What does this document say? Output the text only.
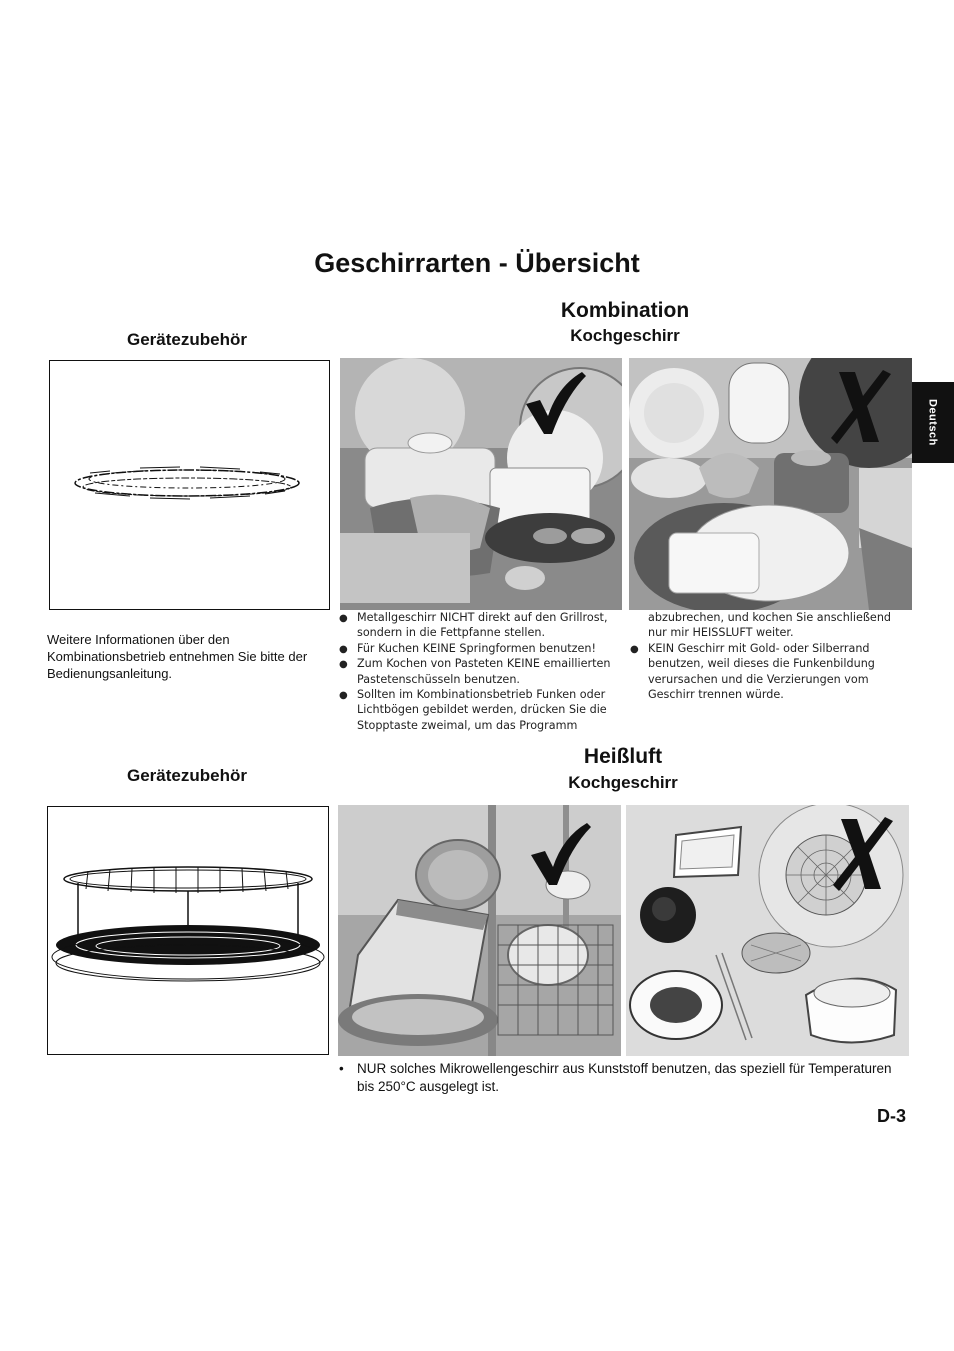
Geschirrarten - Übersicht
Deutsch
Kombination
Kochgeschirr
Gerätezubehör
Weitere Informationen über den Kombinationsbetrieb entnehmen Sie bitte der Bedienungsanleitung.
● Metallgeschirr NICHT direkt auf den Grillrost, sondern in die Fettpfanne stellen.
● Für Kuchen KEINE Springformen benutzen!
● Zum Kochen von Pasteten KEINE emaillierten Pastetenschüsseln benutzen.
● Sollten im Kombinationsbetrieb Funken oder Lichtbögen gebildet werden, drücken Sie die Stopptaste zweimal, um das Programm
abzubrechen, und kochen Sie anschließend nur mir HEISSLUFT weiter.
● KEIN Geschirr mit Gold- oder Silberrand benutzen, weil dieses die Funkenbildung verursachen und die Verzierungen vom Geschirr trennen würde.
Heißluft
Kochgeschirr
Gerätezubehör
• NUR solches Mikrowellengeschirr aus Kunststoff benutzen, das speziell für Temperaturen bis 250°C ausgelegt ist.
D-3
